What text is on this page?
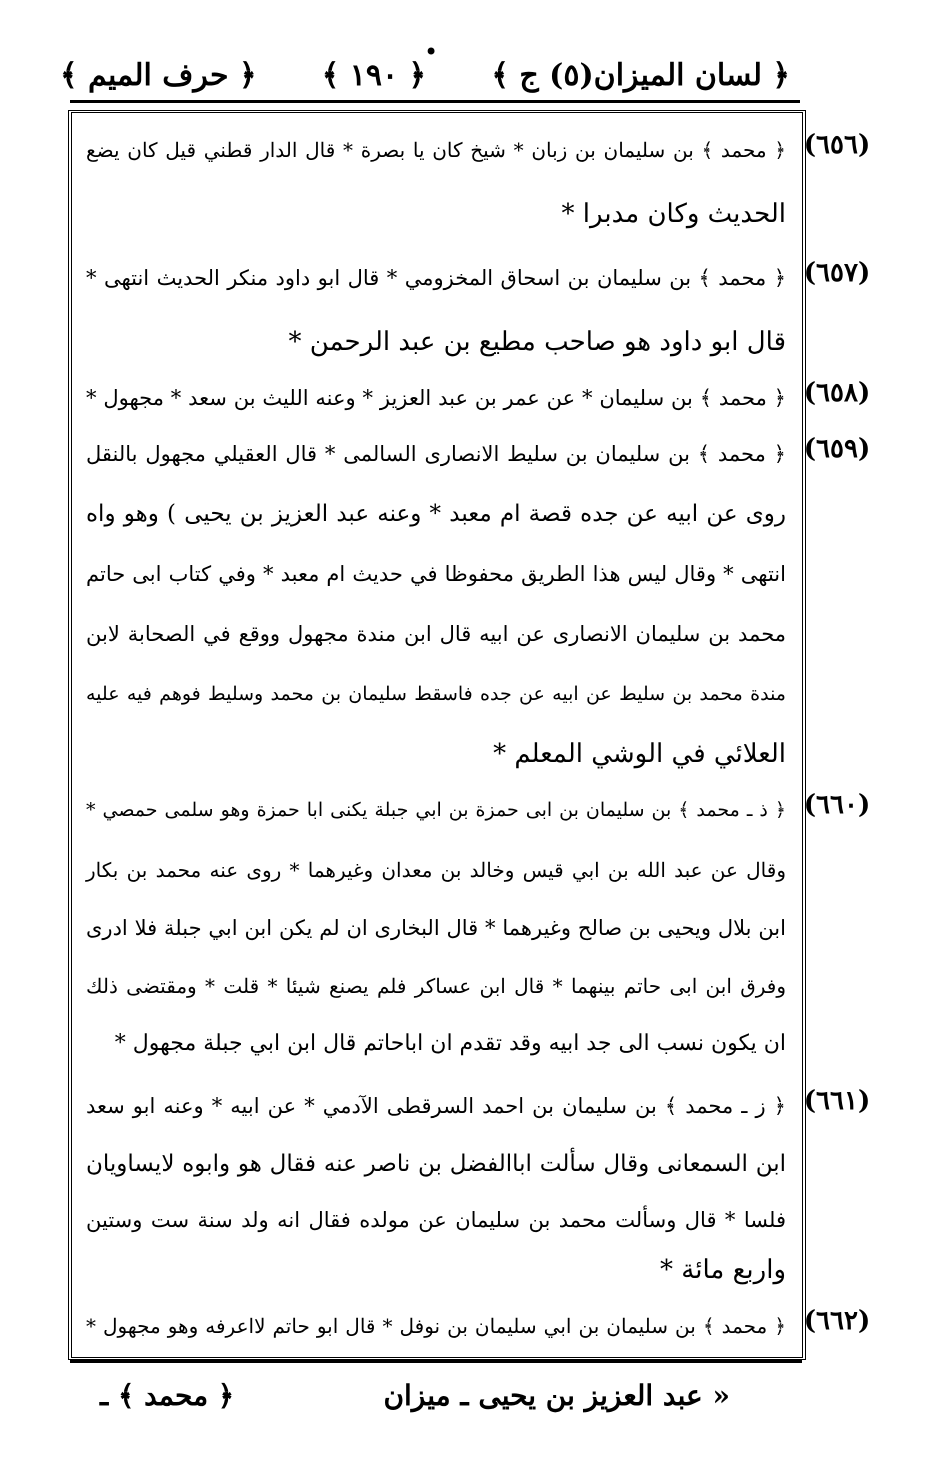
•
﴿ لسان الميزان(٥) ج ﴾
﴿ ١٩٠ ﴾
﴿ حرف الميم ﴾
(٦٥٦)
﴿ محمد ﴾ بن سليمان بن زبان * شيخ كان يا بصرة * قال الدار قطني قيل كان يضع
الحديث وكان مدبرا *
(٦٥٧)
﴿ محمد ﴾ بن سليمان بن اسحاق المخزومي * قال ابو داود منكر الحديث انتهى *
قال ابو داود هو صاحب مطيع بن عبد الرحمن *
(٦٥٨)
﴿ محمد ﴾ بن سليمان * عن عمر بن عبد العزيز * وعنه الليث بن سعد * مجهول *
(٦٥٩)
﴿ محمد ﴾ بن سليمان بن سليط الانصارى السالمى * قال العقيلي مجهول بالنقل
روى عن ابيه عن جده قصة ام معبد * وعنه عبد العزيز بن يحيى ) وهو واه
انتهى * وقال ليس هذا الطريق محفوظا في حديث ام معبد * وفي كتاب ابى حاتم
محمد بن سليمان الانصارى عن ابيه قال ابن مندة مجهول ووقع في الصحابة لابن
مندة محمد بن سليط عن ابيه عن جده فاسقط سليمان بن محمد وسليط فوهم فيه عليه
العلائي في الوشي المعلم *
(٦٦٠)
﴿ ذ ـ محمد ﴾ بن سليمان بن ابى حمزة بن ابي جبلة يكنى ابا حمزة وهو سلمى حمصي *
وقال عن عبد الله بن ابي قيس وخالد بن معدان وغيرهما * روى عنه محمد بن بكار
ابن بلال ويحيى بن صالح وغيرهما * قال البخارى ان لم يكن ابن ابي جبلة فلا ادرى
وفرق ابن ابى حاتم بينهما * قال ابن عساكر فلم يصنع شيئا * قلت * ومقتضى ذلك
ان يكون نسب الى جد ابيه وقد تقدم ان اباحاتم قال ابن ابي جبلة مجهول *
(٦٦١)
﴿ ز ـ محمد ﴾ بن سليمان بن احمد السرقطى الآدمي * عن ابيه * وعنه ابو سعد
ابن السمعانى وقال سألت اباالفضل بن ناصر عنه فقال هو وابوه لايساويان
فلسا * قال وسألت محمد بن سليمان عن مولده فقال انه ولد سنة ست وستين
واربع مائة *
(٦٦٢)
﴿ محمد ﴾ بن سليمان بن ابي سليمان بن نوفل * قال ابو حاتم لااعرفه وهو مجهول *
« عبد العزيز بن يحيى ـ ميزان
﴿ محمد ﴾ ـ
